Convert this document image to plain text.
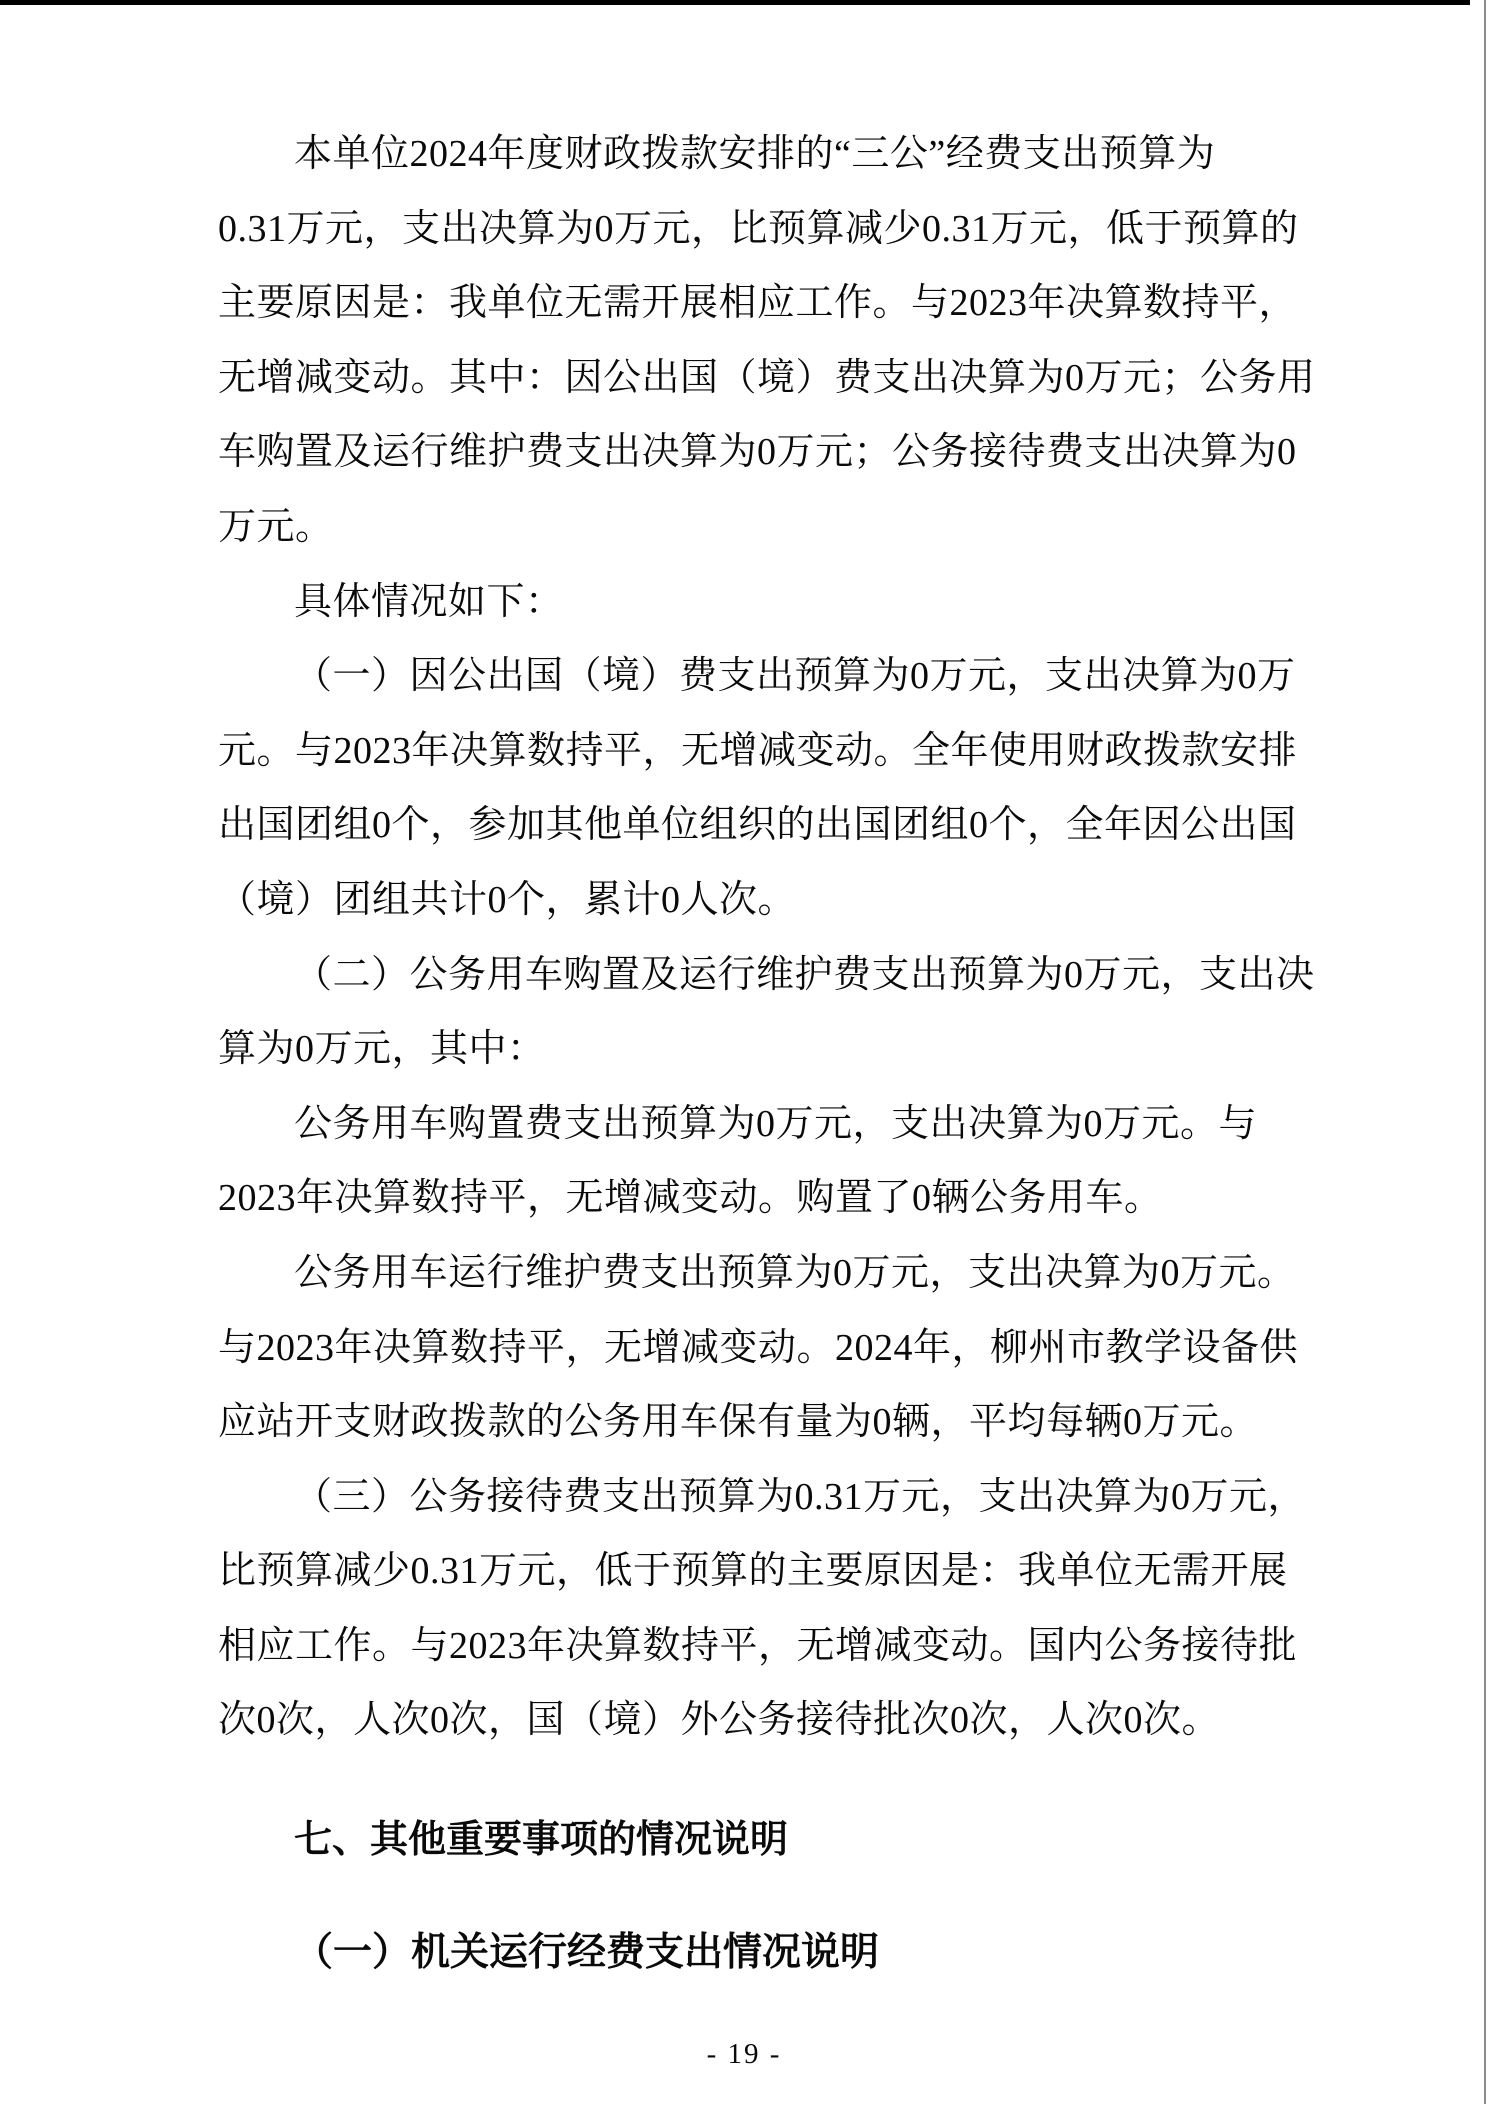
本单位2024年度财政拨款安排的“三公”经费支出预算为
0.31万元，支出决算为0万元，比预算减少0.31万元，低于预算的
主要原因是：我单位无需开展相应工作。与2023年决算数持平，
无增减变动。其中：因公出国（境）费支出决算为0万元；公务用
车购置及运行维护费支出决算为0万元；公务接待费支出决算为0
万元。
具体情况如下：
（一）因公出国（境）费支出预算为0万元，支出决算为0万
元。与2023年决算数持平，无增减变动。全年使用财政拨款安排
出国团组0个，参加其他单位组织的出国团组0个，全年因公出国
（境）团组共计0个，累计0人次。
（二）公务用车购置及运行维护费支出预算为0万元，支出决
算为0万元，其中：
公务用车购置费支出预算为0万元，支出决算为0万元。与
2023年决算数持平，无增减变动。购置了0辆公务用车。
公务用车运行维护费支出预算为0万元，支出决算为0万元。
与2023年决算数持平，无增减变动。2024年，柳州市教学设备供
应站开支财政拨款的公务用车保有量为0辆，平均每辆0万元。
（三）公务接待费支出预算为0.31万元，支出决算为0万元，
比预算减少0.31万元，低于预算的主要原因是：我单位无需开展
相应工作。与2023年决算数持平，无增减变动。国内公务接待批
次0次，人次0次，国（境）外公务接待批次0次，人次0次。
七、其他重要事项的情况说明
（一）机关运行经费支出情况说明
- 19 -
